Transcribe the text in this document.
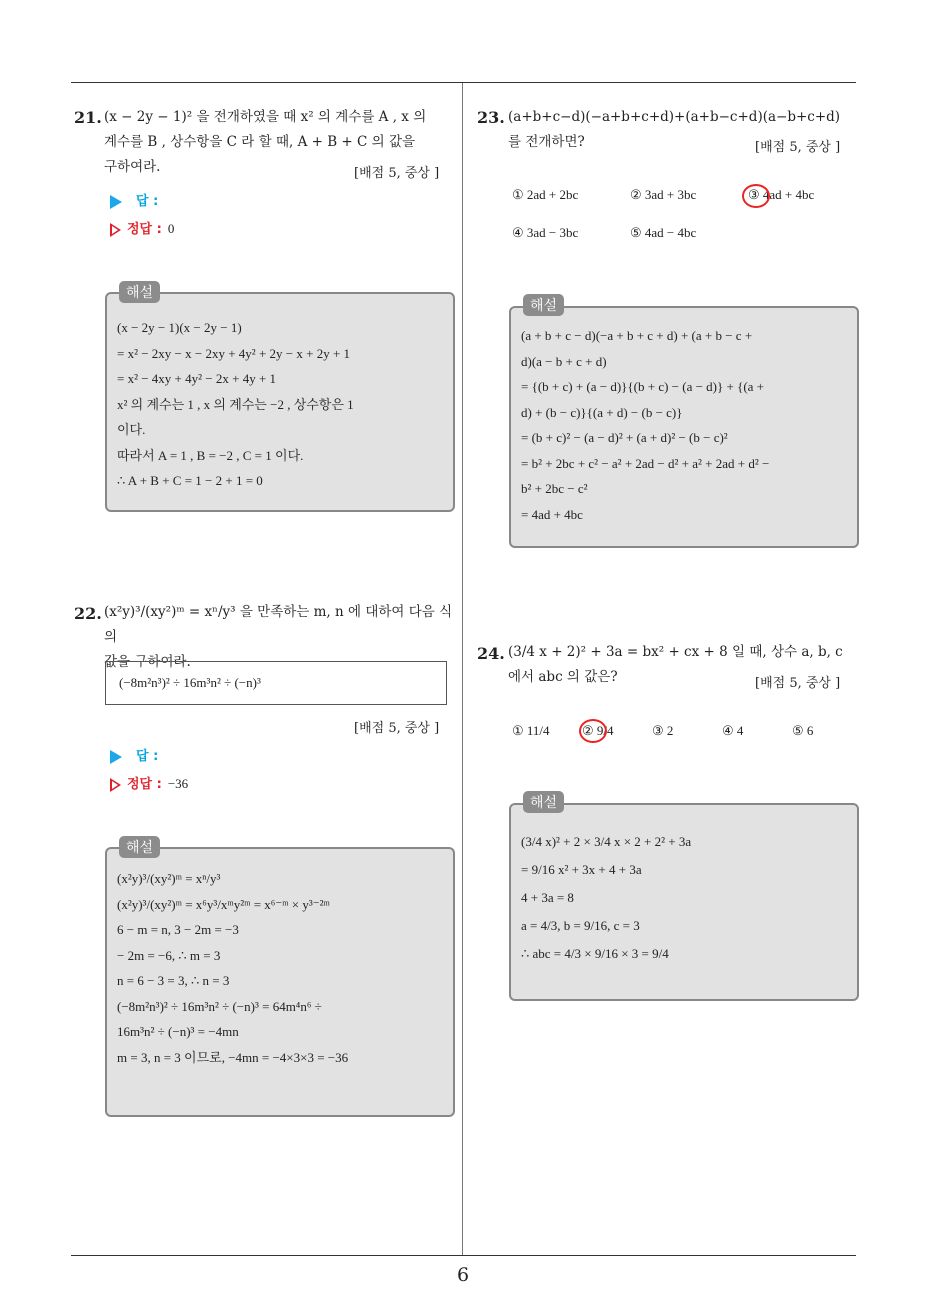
6
21. (x − 2y − 1)² 을 전개하였을 때 x² 의 계수를 A , x 의
계수를 B , 상수항을 C 라 할 때, A + B + C 의 값을
구하여라.	[배점 5, 중상 ]
답 :
정답 : 0
해설
(x − 2y − 1)(x − 2y − 1)
= x² − 2xy − x − 2xy + 4y² + 2y − x + 2y + 1
= x² − 4xy + 4y² − 2x + 4y + 1
x² 의 계수는 1 , x 의 계수는 −2 , 상수항은 1
이다.
따라서 A = 1 , B = −2 , C = 1 이다.
∴ A + B + C = 1 − 2 + 1 = 0
22. (x²y)³/(xy²)ᵐ = xⁿ/y³ 을 만족하는 m, n 에 대하여 다음 식의
값을 구하여라.
(−8m²n³)² ÷ 16m³n² ÷ (−n)³
[배점 5, 중상 ]
답 :
정답 : −36
해설
(x²y)³/(xy²)ᵐ = xⁿ/y³
(x²y)³/(xy²)ᵐ = x⁶y³/xᵐy²ᵐ = x⁶⁻ᵐ × y³⁻²ᵐ
6 − m = n, 3 − 2m = −3
− 2m = −6, ∴ m = 3
n = 6 − 3 = 3, ∴ n = 3
(−8m²n³)² ÷ 16m³n² ÷ (−n)³ = 64m⁴n⁶ ÷
16m³n² ÷ (−n)³ = −4mn
m = 3, n = 3 이므로, −4mn = −4×3×3 = −36
23. (a+b+c−d)(−a+b+c+d)+(a+b−c+d)(a−b+c+d)
를 전개하면?	[배점 5, 중상 ]
① 2ad + 2bc	② 3ad + 3bc	③ 4ad + 4bc
④ 3ad − 3bc	⑤ 4ad − 4bc
해설
(a + b + c − d)(−a + b + c + d) + (a + b − c +
d)(a − b + c + d)
= {(b + c) + (a − d)}{(b + c) − (a − d)} + {(a +
d) + (b − c)}{(a + d) − (b − c)}
= (b + c)² − (a − d)² + (a + d)² − (b − c)²
= b² + 2bc + c² − a² + 2ad − d² + a² + 2ad + d² −
b² + 2bc − c²
= 4ad + 4bc
24. (3/4 x + 2)² + 3a = bx² + cx + 8 일 때, 상수 a, b, c
에서 abc 의 값은?	[배점 5, 중상 ]
① 11/4 ② 9/4	③ 2	④ 4	⑤ 6
해설
(3/4 x)² + 2 × 3/4 x × 2 + 2² + 3a
= 9/16 x² + 3x + 4 + 3a
4 + 3a = 8
a = 4/3, b = 9/16, c = 3
∴ abc = 4/3 × 9/16 × 3 = 9/4
